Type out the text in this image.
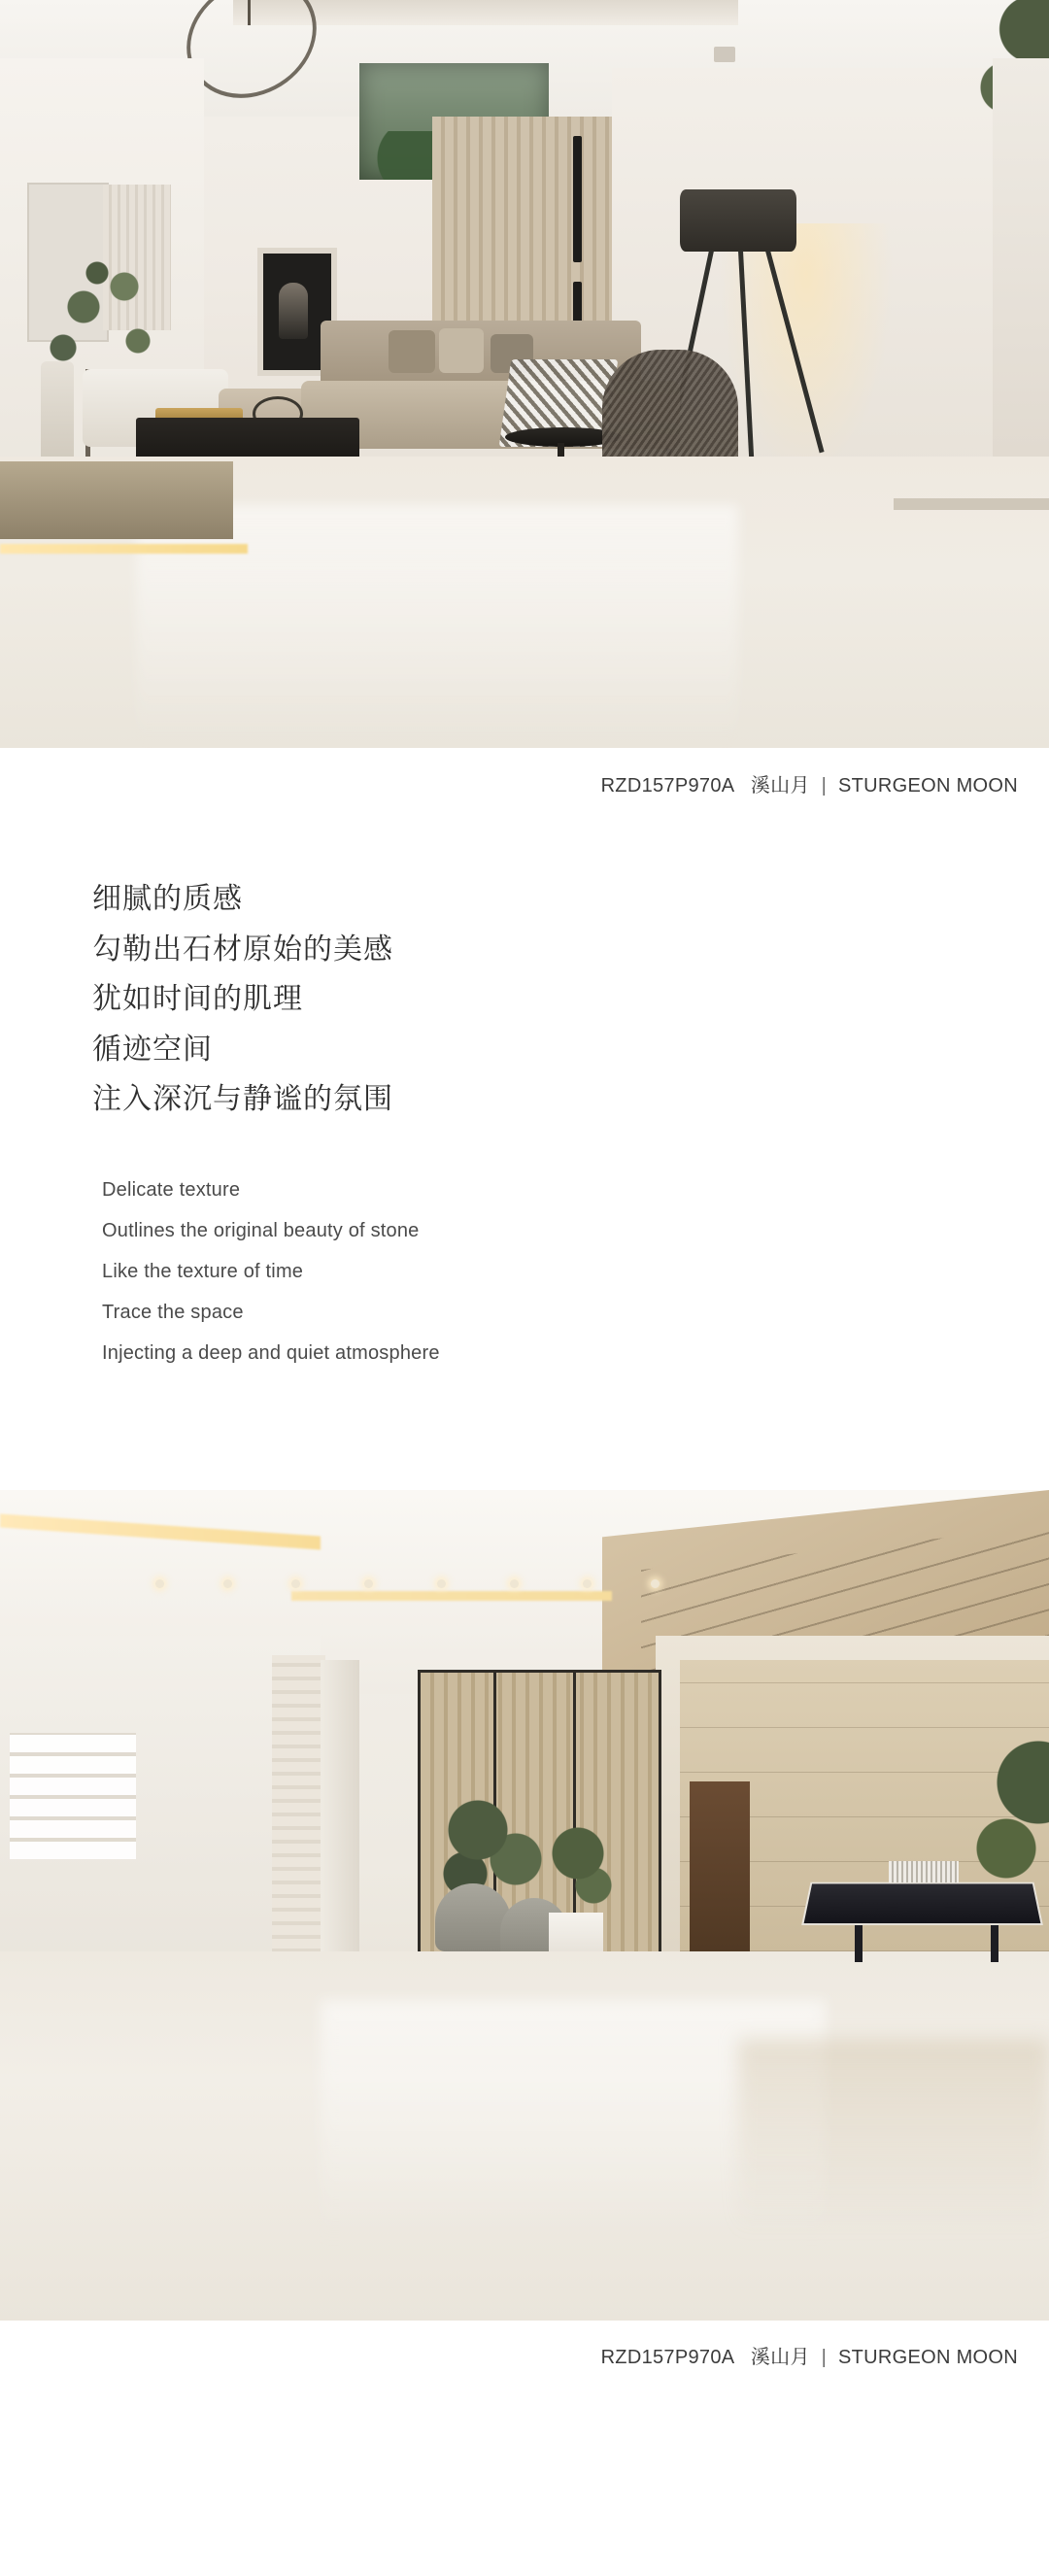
RZD157P970A 溪山月 | STURGEON MOON
细腻的质感
勾勒出石材原始的美感
犹如时间的肌理
循迹空间
注入深沉与静谧的氛围
Delicate texture
Outlines the original beauty of stone
Like the texture of time
Trace the space
Injecting a deep and quiet atmosphere
RZD157P970A 溪山月 | STURGEON MOON
